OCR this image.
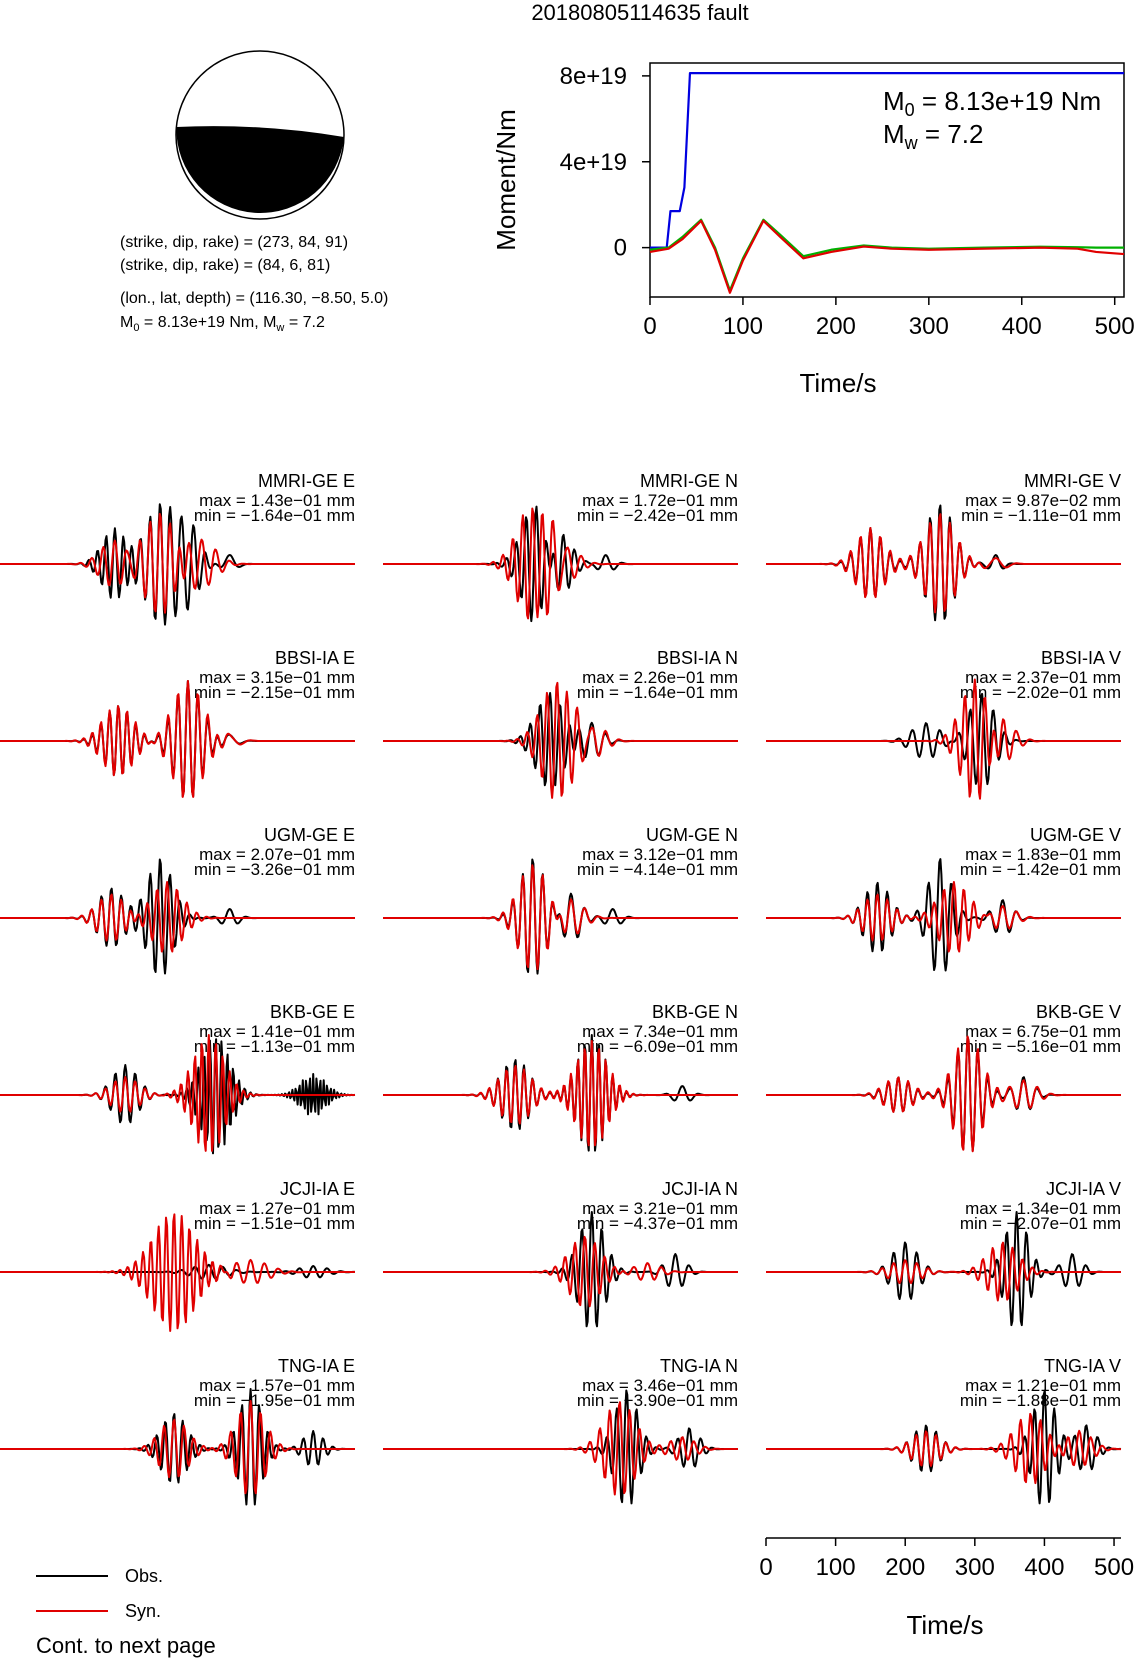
20180805114635 fault
(strike, dip, rake) = (273, 84, 91)
(strike, dip, rake) = (84, 6, 81)
(lon., lat, depth) = (116.30, −8.50, 5.0)
$M_0 = 8.13e+19$ Nm, $M_w = 7.2$	0	100 200 300 400 500
0
4e+19
8e+19
$M_0 = 8.13e+19$ Nm
$M_w = 7.2$
Time/s
Moment/Nm
MMRI-GE E
max = 1.43e−01 mm
min = −1.64e−01 mm
MMRI-GE N
max = 1.72e−01 mm
min = −2.42e−01 mm
MMRI-GE V
max = 9.87e−02 mm
min = −1.11e−01 mm
BBSI-IA E
max = 3.15e−01 mm
min = −2.15e−01 mm
BBSI-IA N
max = 2.26e−01 mm
min = −1.64e−01 mm
BBSI-IA V
max = 2.37e−01 mm
min = −2.02e−01 mm
UGM-GE E
max = 2.07e−01 mm
min = −3.26e−01 mm
UGM-GE N
max = 3.12e−01 mm
min = −4.14e−01 mm
UGM-GE V
max = 1.83e−01 mm
min = −1.42e−01 mm
BKB-GE E
max = 1.41e−01 mm
min = −1.13e−01 mm
BKB-GE N
max = 7.34e−01 mm
min = −6.09e−01 mm
BKB-GE V
max = 6.75e−01 mm
min = −5.16e−01 mm
JCJI-IA E
max = 1.27e−01 mm
min = −1.51e−01 mm
JCJI-IA N
max = 3.21e−01 mm
min = −4.37e−01 mm
JCJI-IA V
max = 1.34e−01 mm
min = −2.07e−01 mm
TNG-IA E
max = 1.57e−01 mm
min = −1.95e−01 mm
TNG-IA N
max = 3.46e−01 mm
min = −3.90e−01 mm
TNG-IA V
max = 1.21e−01 mm
min = −1.88e−01 mm
Time/s
0 100 200 300 400 500
Obs.
Syn.
Cont. to next page
